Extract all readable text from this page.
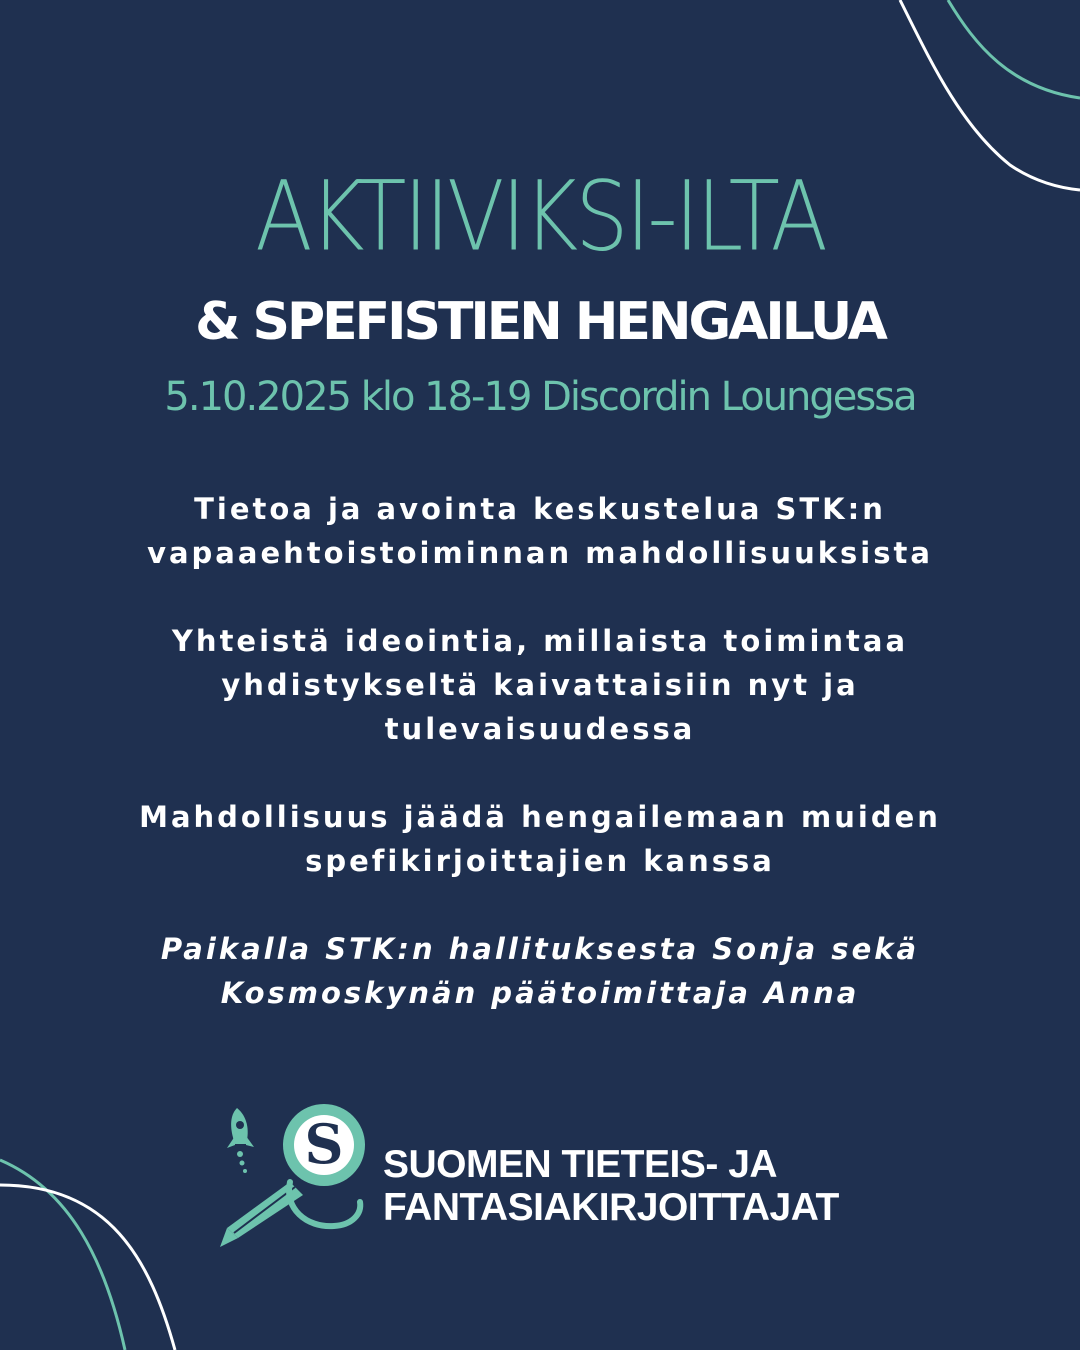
AKTIIVIKSI-ILTA
& SPEFISTIEN HENGAILUA
5.10.2025 klo 18-19 Discordin Loungessa
Tietoa ja avointa keskustelua STK:n
vapaaehtoistoiminnan mahdollisuuksista
Yhteistä ideointia, millaista toimintaa
yhdistykseltä kaivattaisiin nyt ja
tulevaisuudessa
Mahdollisuus jäädä hengailemaan muiden
spefikirjoittajien kanssa
Paikalla STK:n hallituksesta Sonja sekä
Kosmoskynän päätoimittaja Anna
S SUOMEN TIETEIS- JA
FANTASIAKIRJOITTAJAT
